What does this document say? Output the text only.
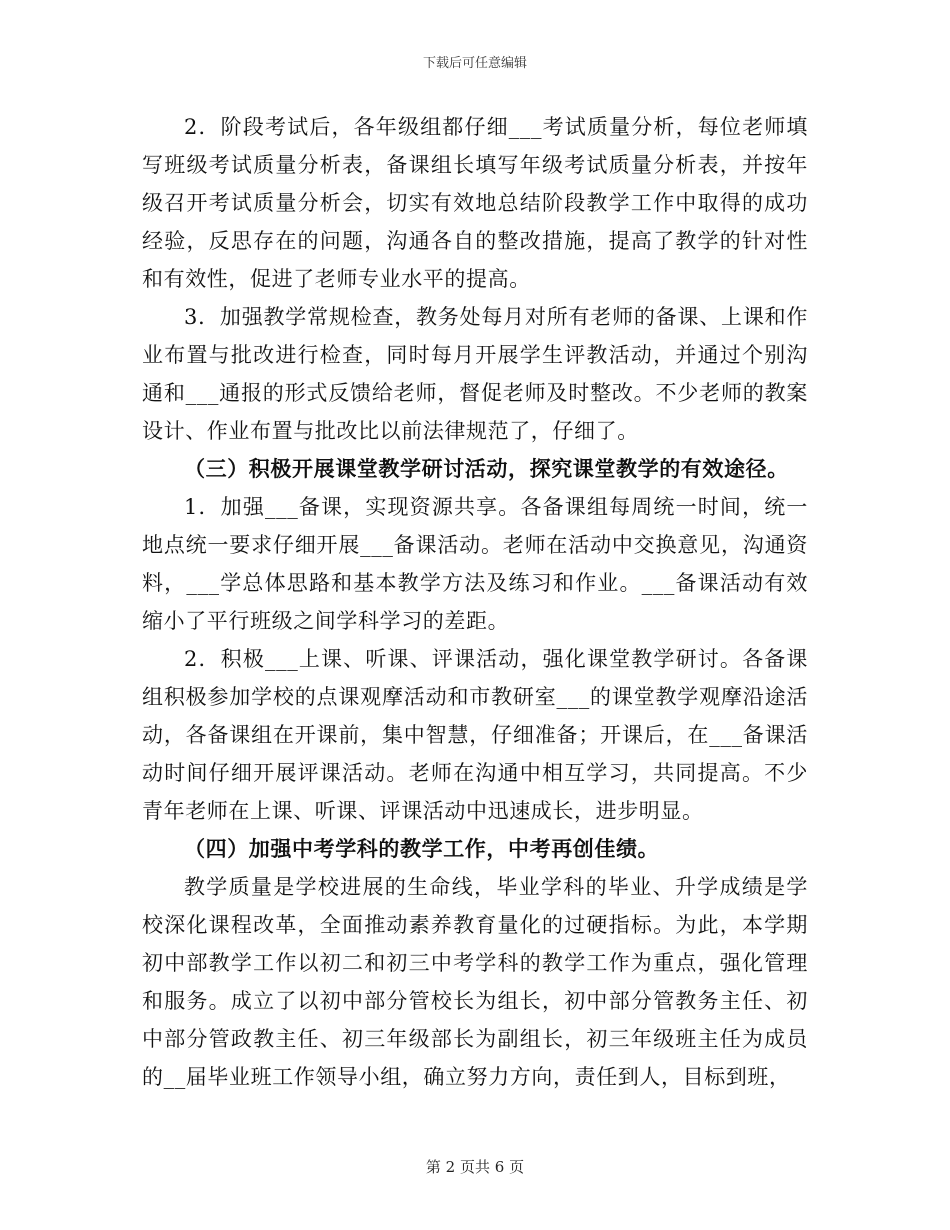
下载后可任意编辑

2．阶段考试后，各年级组都仔细___考试质量分析，每位老师填写班级考试质量分析表，备课组长填写年级考试质量分析表，并按年级召开考试质量分析会，切实有效地总结阶段教学工作中取得的成功经验，反思存在的问题，沟通各自的整改措施，提高了教学的针对性和有效性，促进了老师专业水平的提高。

3．加强教学常规检查，教务处每月对所有老师的备课、上课和作业布置与批改进行检查，同时每月开展学生评教活动，并通过个别沟通和___通报的形式反馈给老师，督促老师及时整改。不少老师的教案设计、作业布置与批改比以前法律规范了，仔细了。

（三）积极开展课堂教学研讨活动，探究课堂教学的有效途径。

1．加强___备课，实现资源共享。各备课组每周统一时间，统一地点统一要求仔细开展___备课活动。老师在活动中交换意见，沟通资料，___学总体思路和基本教学方法及练习和作业。___备课活动有效缩小了平行班级之间学科学习的差距。

2．积极___上课、听课、评课活动，强化课堂教学研讨。各备课组积极参加学校的点课观摩活动和市教研室___的课堂教学观摩沿途活动，各备课组在开课前，集中智慧，仔细准备；开课后，在___备课活动时间仔细开展评课活动。老师在沟通中相互学习，共同提高。不少青年老师在上课、听课、评课活动中迅速成长，进步明显。

（四）加强中考学科的教学工作，中考再创佳绩。

教学质量是学校进展的生命线，毕业学科的毕业、升学成绩是学校深化课程改革，全面推动素养教育量化的过硬指标。为此，本学期初中部教学工作以初二和初三中考学科的教学工作为重点，强化管理和服务。成立了以初中部分管校长为组长，初中部分管教务主任、初中部分管政教主任、初三年级部长为副组长，初三年级班主任为成员的__届毕业班工作领导小组，确立努力方向，责任到人，目标到班，

第 2 页共 6 页
